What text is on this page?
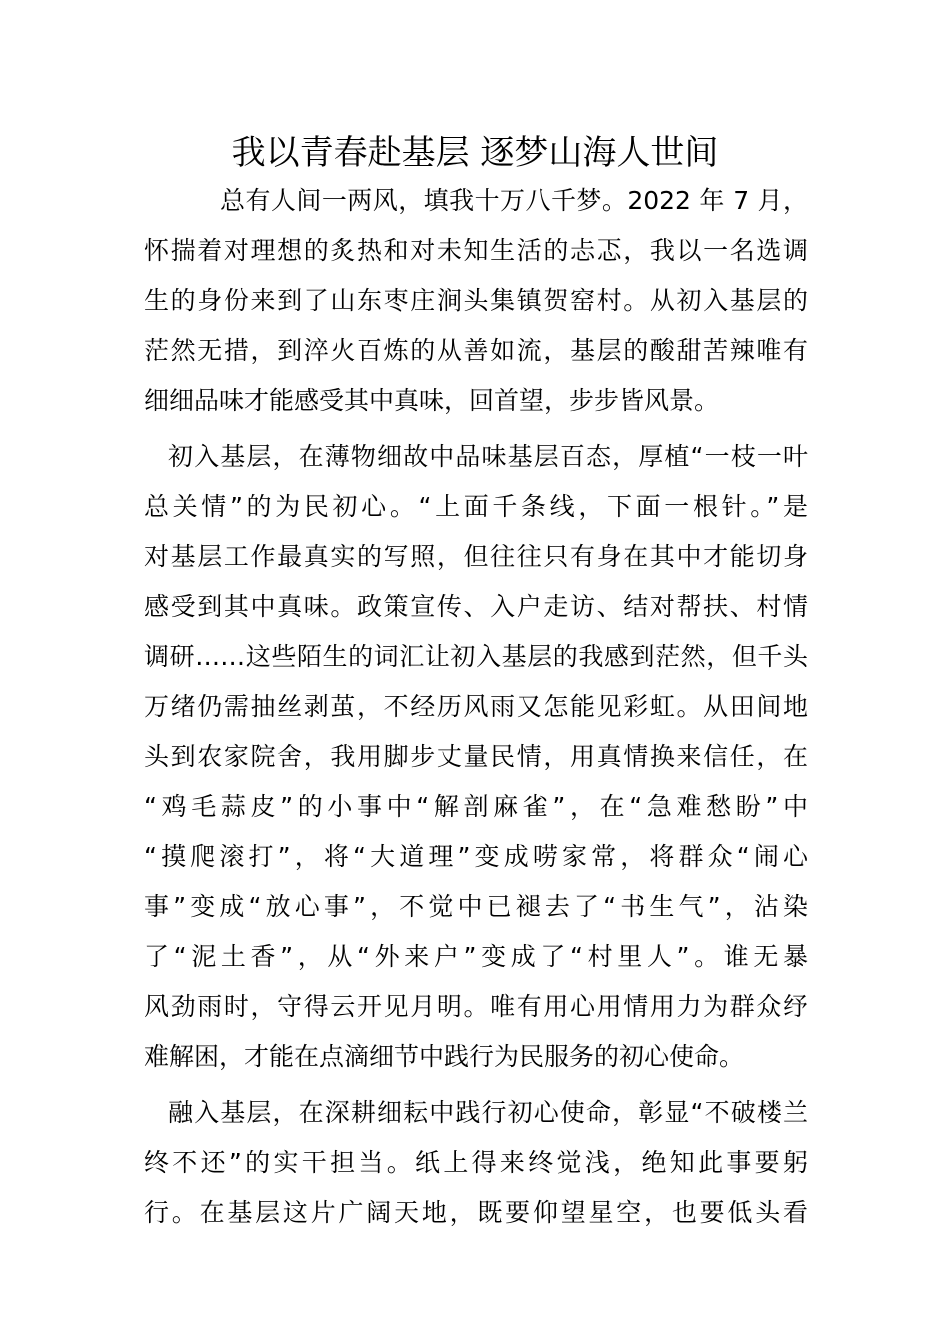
我以青春赴基层 逐梦山海人世间
总有人间一两风，填我十万八千梦。2022 年 7 月，
怀揣着对理想的炙热和对未知生活的忐忑，我以一名选调
生的身份来到了山东枣庄涧头集镇贺窑村。从初入基层的
茫然无措，到淬火百炼的从善如流，基层的酸甜苦辣唯有
细细品味才能感受其中真味，回首望，步步皆风景。
初入基层，在薄物细故中品味基层百态，厚植“一枝一叶
总关情”的为民初心。“上面千条线，下面一根针。”是
对基层工作最真实的写照，但往往只有身在其中才能切身
感受到其中真味。政策宣传、入户走访、结对帮扶、村情
调研……这些陌生的词汇让初入基层的我感到茫然，但千头
万绪仍需抽丝剥茧，不经历风雨又怎能见彩虹。从田间地
头到农家院舍，我用脚步丈量民情，用真情换来信任，在
“鸡毛蒜皮”的小事中“解剖麻雀”，在“急难愁盼”中
“摸爬滚打”，将“大道理”变成唠家常，将群众“闹心
事”变成“放心事”，不觉中已褪去了“书生气”，沾染
了“泥土香”，从“外来户”变成了“村里人”。谁无暴
风劲雨时，守得云开见月明。唯有用心用情用力为群众纾
难解困，才能在点滴细节中践行为民服务的初心使命。
融入基层，在深耕细耘中践行初心使命，彰显“不破楼兰
终不还”的实干担当。纸上得来终觉浅，绝知此事要躬
行。在基层这片广阔天地，既要仰望星空，也要低头看
